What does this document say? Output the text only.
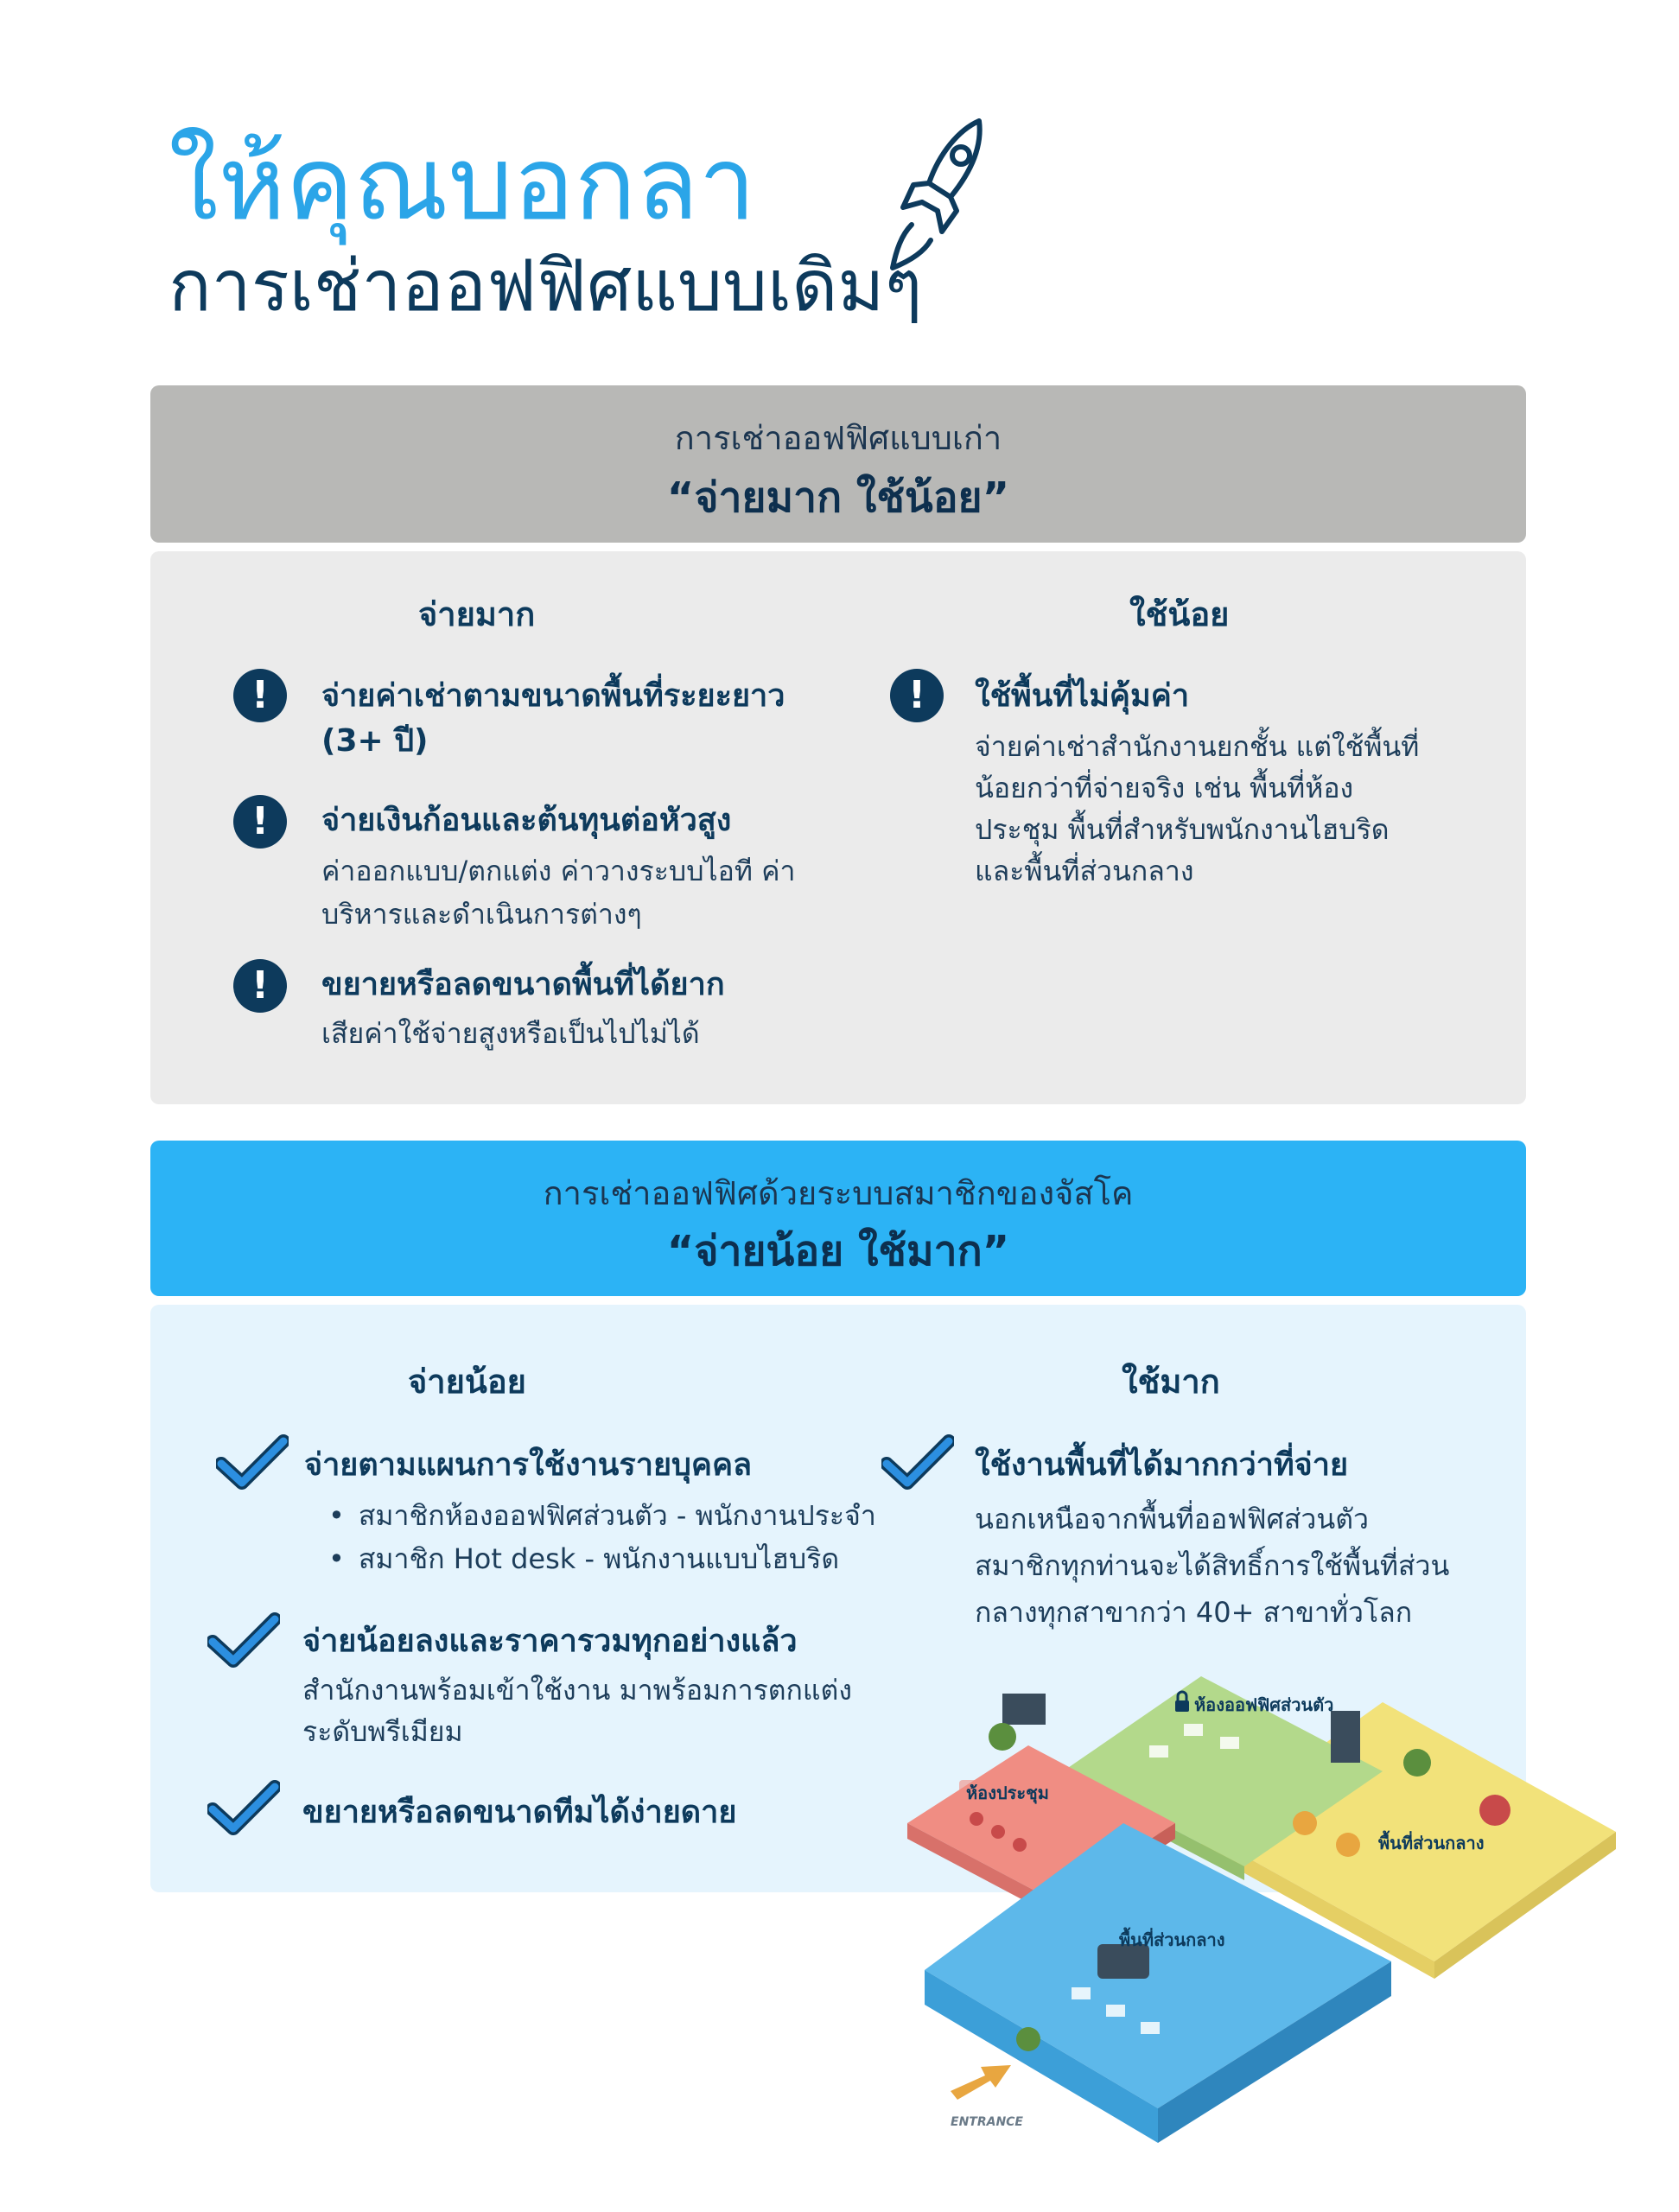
ให้คุณบอกลา
การเช่าออฟฟิศแบบเดิมๆ
การเช่าออฟฟิศแบบเก่า
“จ่ายมาก ใช้น้อย”
จ่ายมาก	ใช้น้อย
!	จ่ายค่าเช่าตามขนาดพื้นที่ระยะยาว
(3+ ปี)
!	จ่ายเงินก้อนและต้นทุนต่อหัวสูง
ค่าออกแบบ/ตกแต่ง ค่าวางระบบไอที ค่า
บริหารและดำเนินการต่างๆ
!	ขยายหรือลดขนาดพื้นที่ได้ยาก
เสียค่าใช้จ่ายสูงหรือเป็นไปไม่ได้
!	ใช้พื้นที่ไม่คุ้มค่า
จ่ายค่าเช่าสำนักงานยกชั้น แต่ใช้พื้นที่
น้อยกว่าที่จ่ายจริง เช่น พื้นที่ห้อง
ประชุม พื้นที่สำหรับพนักงานไฮบริด
และพื้นที่ส่วนกลาง
การเช่าออฟฟิศด้วยระบบสมาชิกของจัสโค
“จ่ายน้อย ใช้มาก”
จ่ายน้อย	ใช้มาก
จ่ายตามแผนการใช้งานรายบุคคล
• สมาชิกห้องออฟฟิศส่วนตัว - พนักงานประจำ
• สมาชิก Hot desk - พนักงานแบบไฮบริด
จ่ายน้อยลงและราคารวมทุกอย่างแล้ว
สำนักงานพร้อมเข้าใช้งาน มาพร้อมการตกแต่ง
ระดับพรีเมียม
ขยายหรือลดขนาดทีมได้ง่ายดาย
ใช้งานพื้นที่ได้มากกว่าที่จ่าย
นอกเหนือจากพื้นที่ออฟฟิศส่วนตัว
สมาชิกทุกท่านจะได้สิทธิ์การใช้พื้นที่ส่วน
กลางทุกสาขากว่า 40+ สาขาทั่วโลก
ห้องประชุม
ห้องออฟฟิศส่วนตัว
พื้นที่ส่วนกลาง
พื้นที่ส่วนกลาง
ENTRANCE
